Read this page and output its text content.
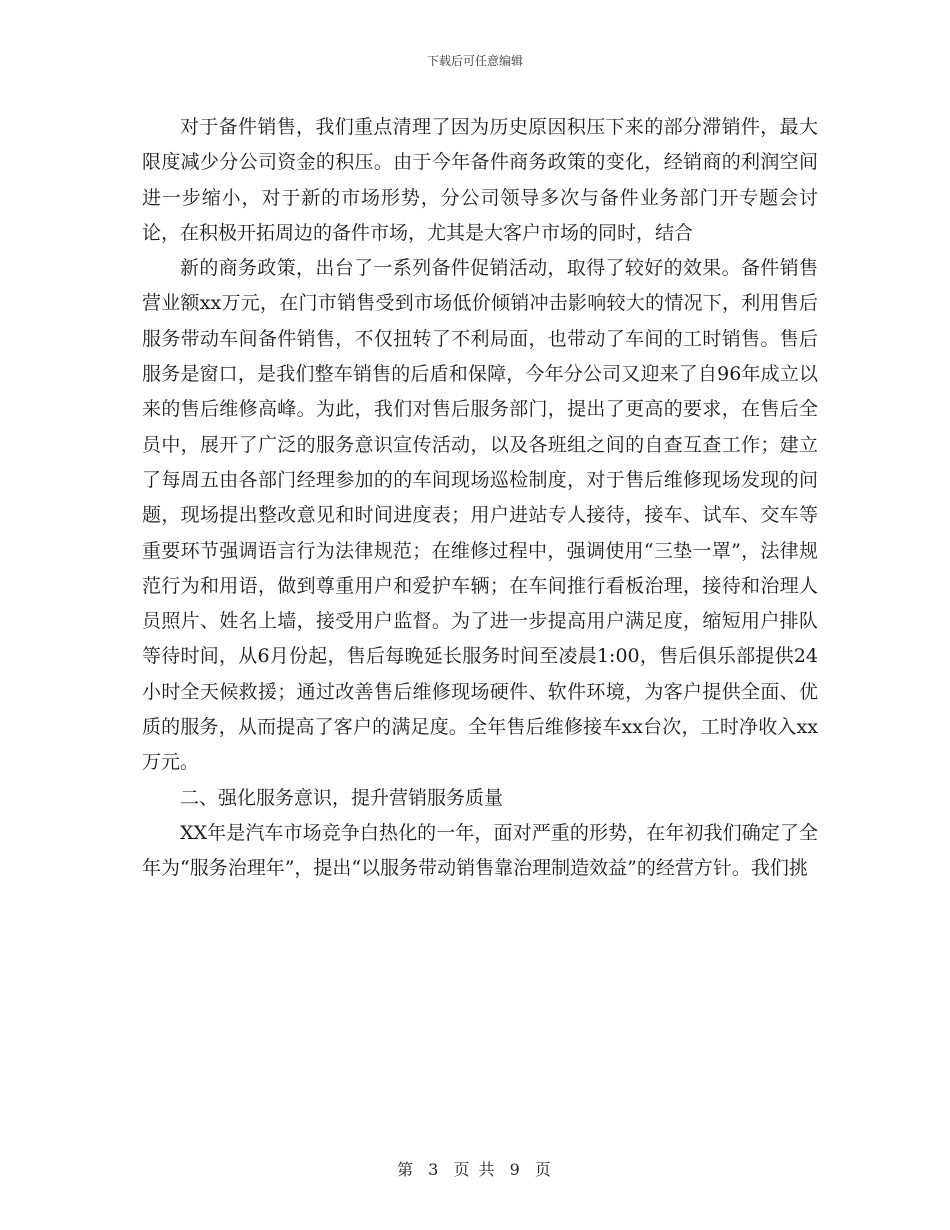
下载后可任意编辑

对于备件销售，我们重点清理了因为历史原因积压下来的部分滞销件，最大限度减少分公司资金的积压。由于今年备件商务政策的变化，经销商的利润空间进一步缩小，对于新的市场形势，分公司领导多次与备件业务部门开专题会讨论，在积极开拓周边的备件市场，尤其是大客户市场的同时，结合

新的商务政策，出台了一系列备件促销活动，取得了较好的效果。备件销售营业额xx万元，在门市销售受到市场低价倾销冲击影响较大的情况下，利用售后服务带动车间备件销售，不仅扭转了不利局面，也带动了车间的工时销售。售后服务是窗口，是我们整车销售的后盾和保障，今年分公司又迎来了自96年成立以来的售后维修高峰。为此，我们对售后服务部门，提出了更高的要求，在售后全员中，展开了广泛的服务意识宣传活动，以及各班组之间的自查互查工作；建立了每周五由各部门经理参加的的车间现场巡检制度，对于售后维修现场发现的问题，现场提出整改意见和时间进度表；用户进站专人接待，接车、试车、交车等重要环节强调语言行为法律规范；在维修过程中，强调使用“三垫一罩”，法律规范行为和用语，做到尊重用户和爱护车辆；在车间推行看板治理，接待和治理人员照片、姓名上墙，接受用户监督。为了进一步提高用户满足度，缩短用户排队等待时间，从6月份起，售后每晚延长服务时间至凌晨1:00，售后俱乐部提供24小时全天候救援；通过改善售后维修现场硬件、软件环境，为客户提供全面、优质的服务，从而提高了客户的满足度。全年售后维修接车xx台次，工时净收入xx万元。

二、强化服务意识，提升营销服务质量

XX年是汽车市场竞争白热化的一年，面对严重的形势，在年初我们确定了全年为“服务治理年”，提出“以服务带动销售靠治理制造效益”的经营方针。我们挑

第 3 页 共 9 页
